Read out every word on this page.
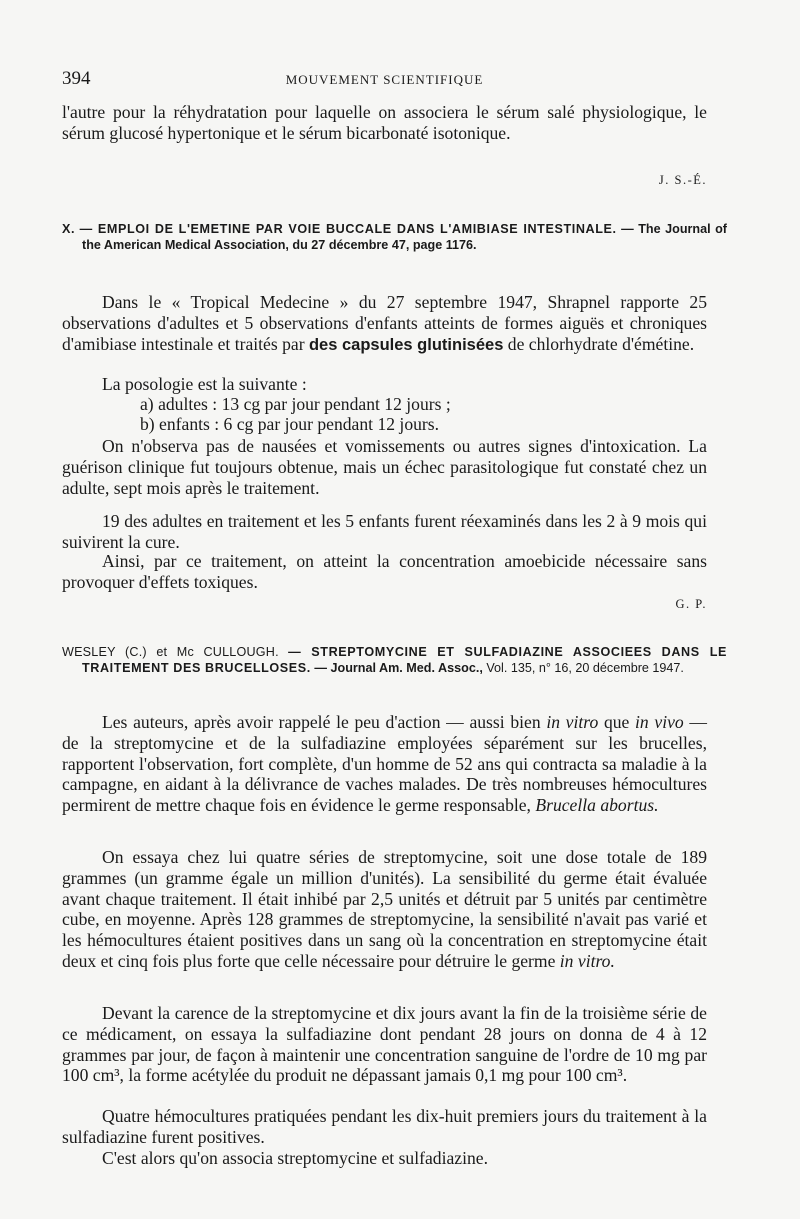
394	MOUVEMENT SCIENTIFIQUE

l'autre pour la réhydratation pour laquelle on associera le sérum salé physiologique, le sérum glucosé hypertonique et le sérum bicarbonaté isotonique.

J. S.-É.

X. — EMPLOI DE L'EMETINE PAR VOIE BUCCALE DANS L'AMIBIASE INTESTINALE. — The Journal of the American Medical Association, du 27 décembre 47, page 1176.

Dans le « Tropical Medecine » du 27 septembre 1947, Shrapnel rapporte 25 observations d'adultes et 5 observations d'enfants atteints de formes aiguës et chroniques d'amibiase intestinale et traités par des capsules glutinisées de chlorhydrate d'émétine.

La posologie est la suivante :

a) adultes : 13 cg par jour pendant 12 jours ;

b) enfants : 6 cg par jour pendant 12 jours.

On n'observa pas de nausées et vomissements ou autres signes d'intoxication. La guérison clinique fut toujours obtenue, mais un échec parasitologique fut constaté chez un adulte, sept mois après le traitement.

19 des adultes en traitement et les 5 enfants furent réexaminés dans les 2 à 9 mois qui suivirent la cure.

Ainsi, par ce traitement, on atteint la concentration amoebicide nécessaire sans provoquer d'effets toxiques.

G. P.

WESLEY (C.) et Mc CULLOUGH. — STREPTOMYCINE ET SULFADIAZINE ASSOCIEES DANS LE TRAITEMENT DES BRUCELLOSES. — Journal Am. Med. Assoc., Vol. 135, n° 16, 20 décembre 1947.

Les auteurs, après avoir rappelé le peu d'action — aussi bien in vitro que in vivo — de la streptomycine et de la sulfadiazine employées séparément sur les brucelles, rapportent l'observation, fort complète, d'un homme de 52 ans qui contracta sa maladie à la campagne, en aidant à la délivrance de vaches malades. De très nombreuses hémocultures permirent de mettre chaque fois en évidence le germe responsable, Brucella abortus.

On essaya chez lui quatre séries de streptomycine, soit une dose totale de 189 grammes (un gramme égale un million d'unités). La sensibilité du germe était évaluée avant chaque traitement. Il était inhibé par 2,5 unités et détruit par 5 unités par centimètre cube, en moyenne. Après 128 grammes de streptomycine, la sensibilité n'avait pas varié et les hémocultures étaient positives dans un sang où la concentration en streptomycine était deux et cinq fois plus forte que celle nécessaire pour détruire le germe in vitro.

Devant la carence de la streptomycine et dix jours avant la fin de la troisième série de ce médicament, on essaya la sulfadiazine dont pendant 28 jours on donna de 4 à 12 grammes par jour, de façon à maintenir une concentration sanguine de l'ordre de 10 mg par 100 cm³, la forme acétylée du produit ne dépassant jamais 0,1 mg pour 100 cm³.

Quatre hémocultures pratiquées pendant les dix-huit premiers jours du traitement à la sulfadiazine furent positives.

C'est alors qu'on associa streptomycine et sulfadiazine.
